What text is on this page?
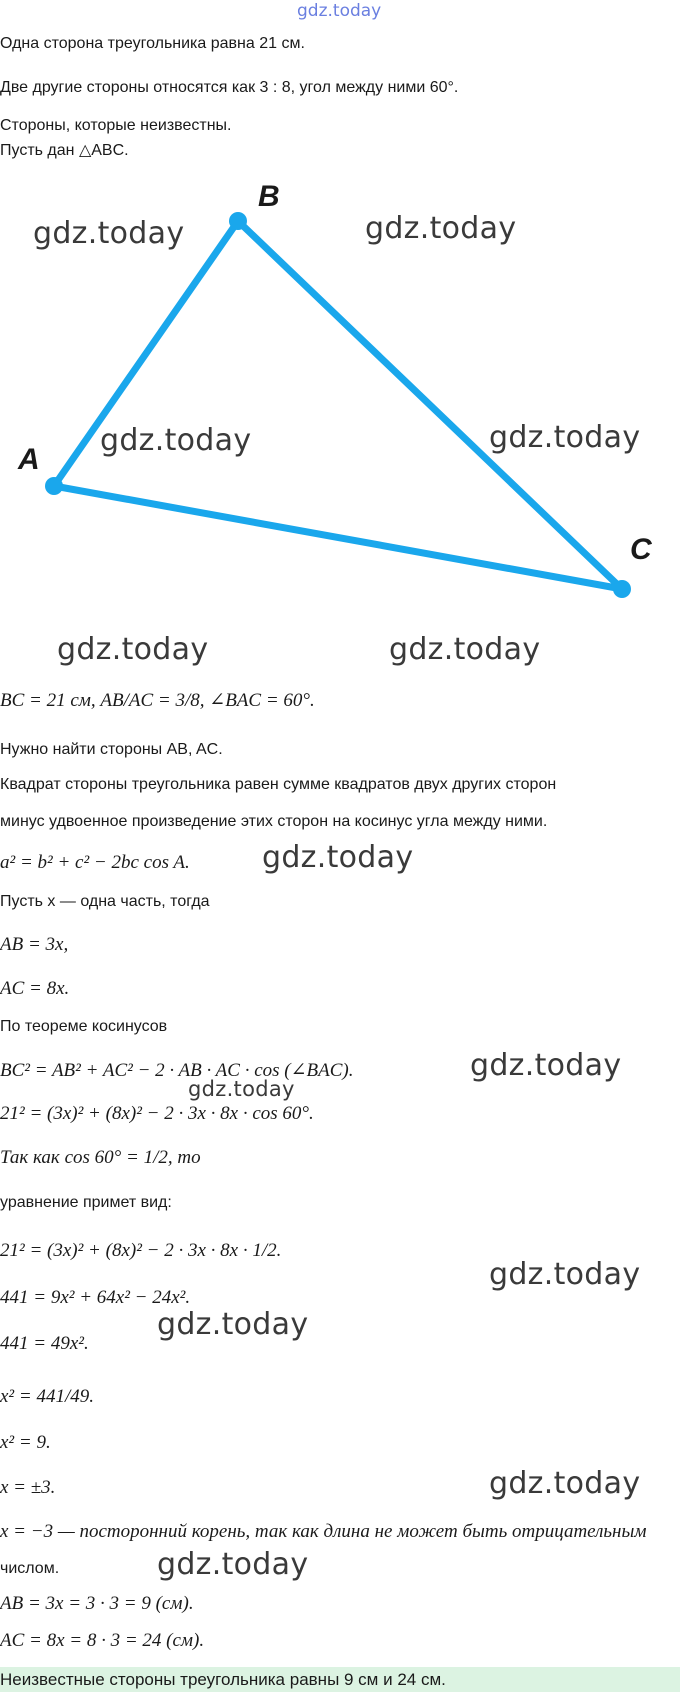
gdz.today
Одна сторона треугольника равна 21 см.
Две другие стороны относятся как 3 : 8, угол между ними 60°.
Стороны, которые неизвестны.
Пусть дан △ABC.
B
A
C
gdz.today	gdz.today
gdz.today	gdz.today
gdz.today	gdz.today
BC = 21 см, AB/AC = 3/8, ∠BAC = 60°.
Нужно найти стороны AB, AC.
Квадрат стороны треугольника равен сумме квадратов двух других сторон
минус удвоенное произведение этих сторон на косинус угла между ними.
a² = b² + c² − 2bc cos A. gdz.today
Пусть x — одна часть, тогда
AB = 3x,
AC = 8x.
По теореме косинусов
BC² = AB² + AC² − 2 · AB · AC · cos (∠BAC).	gdz.today
gdz.today
21² = (3x)² + (8x)² − 2 · 3x · 8x · cos 60°.
Так как cos 60° = 1/2, то
уравнение примет вид:
21² = (3x)² + (8x)² − 2 · 3x · 8x · 1/2.
gdz.today
441 = 9x² + 64x² − 24x².
gdz.today
441 = 49x².
x² = 441/49.
x² = 9.
x = ±3.	gdz.today
x = −3 — посторонний корень, так как длина не может быть отрицательным
числом.	gdz.today
AB = 3x = 3 · 3 = 9 (см).
AC = 8x = 8 · 3 = 24 (см).
Неизвестные стороны треугольника равны 9 см и 24 см.
